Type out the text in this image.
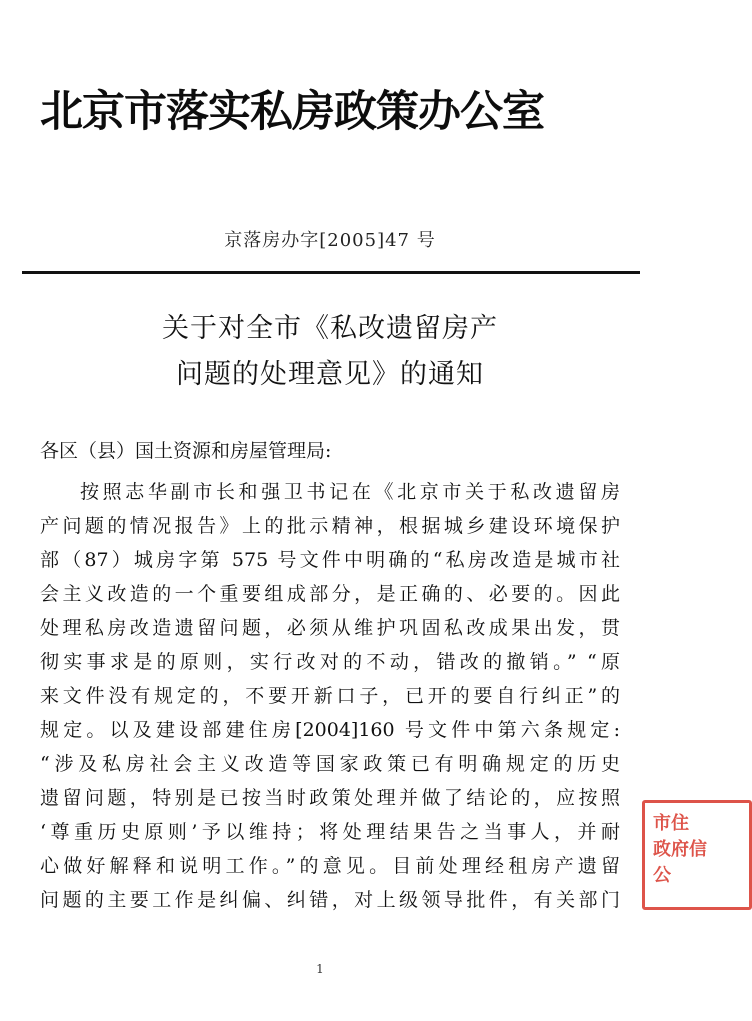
北京市落实私房政策办公室
京落房办字[2005]47 号
关于对全市《私改遗留房产
问题的处理意见》的通知
各区（县）国土资源和房屋管理局:
按照志华副市长和强卫书记在《北京市关于私改遗留房
产问题的情况报告》上的批示精神，根据城乡建设环境保护
部（87）城房字第 575 号文件中明确的“私房改造是城市社
会主义改造的一个重要组成部分，是正确的、必要的。因此
处理私房改造遗留问题，必须从维护巩固私改成果出发，贯
彻实事求是的原则，实行改对的不动，错改的撤销。” “原
来文件没有规定的，不要开新口子，已开的要自行纠正”的
规定。以及建设部建住房[2004]160 号文件中第六条规定:
“涉及私房社会主义改造等国家政策已有明确规定的历史
遗留问题，特别是已按当时政策处理并做了结论的，应按照
‘尊重历史原则’予以维持；将处理结果告之当事人，并耐
心做好解释和说明工作。”的意见。目前处理经租房产遗留
问题的主要工作是纠偏、纠错，对上级领导批件，有关部门
1
市住
政府信
公
